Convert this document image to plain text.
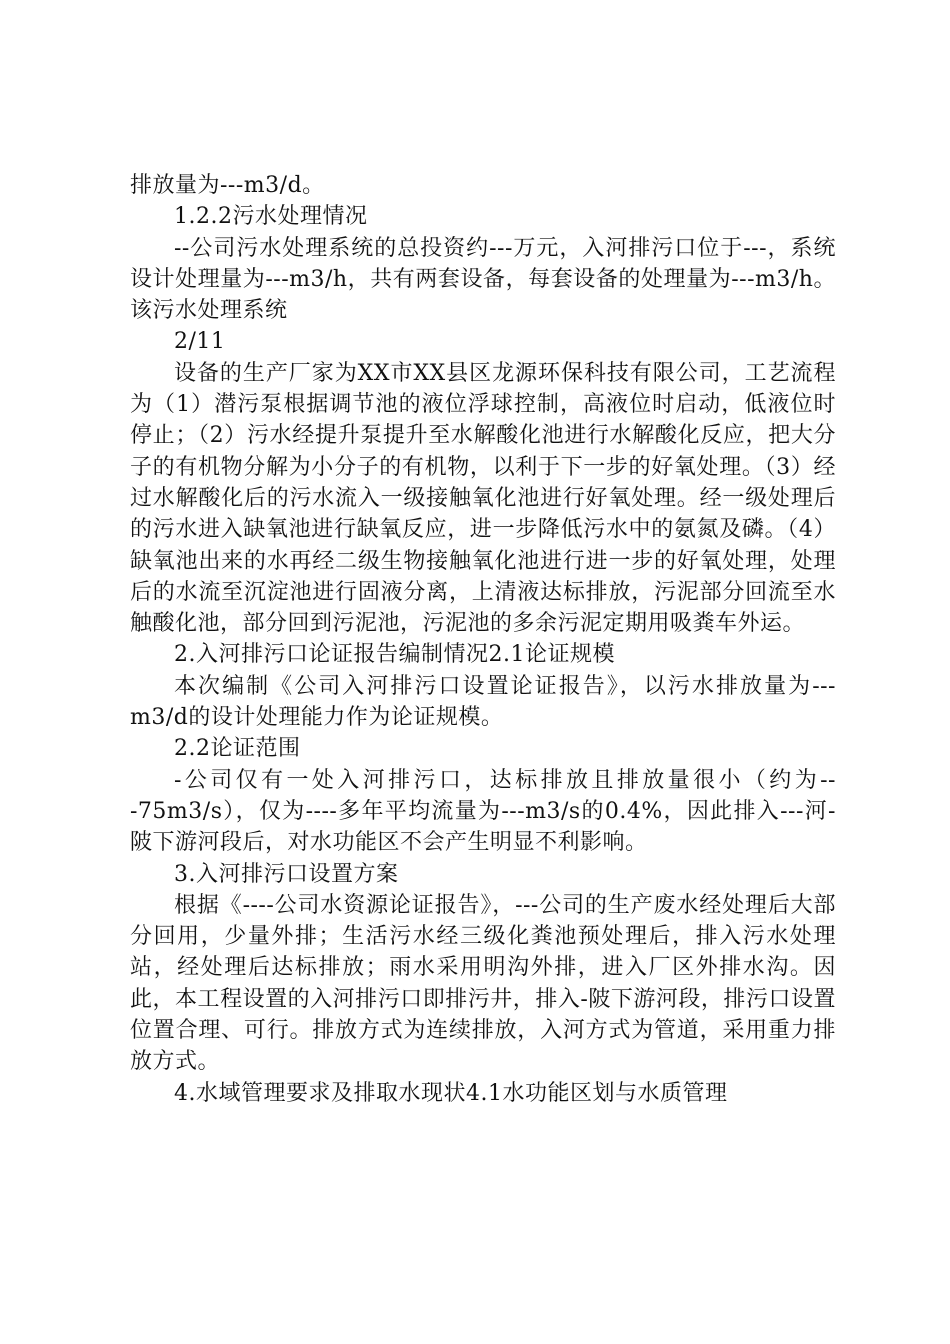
排放量为---m3/d。

1.2.2污水处理情况

--公司污水处理系统的总投资约---万元，入河排污口位于---，系统设计处理量为---m3/h，共有两套设备，每套设备的处理量为---m3/h。该污水处理系统

2/11

设备的生产厂家为XX市XX县区龙源环保科技有限公司，工艺流程为（1）潜污泵根据调节池的液位浮球控制，高液位时启动，低液位时停止；（2）污水经提升泵提升至水解酸化池进行水解酸化反应，把大分子的有机物分解为小分子的有机物，以利于下一步的好氧处理。（3）经过水解酸化后的污水流入一级接触氧化池进行好氧处理。经一级处理后的污水进入缺氧池进行缺氧反应，进一步降低污水中的氨氮及磷。（4）缺氧池出来的水再经二级生物接触氧化池进行进一步的好氧处理，处理后的水流至沉淀池进行固液分离，上清液达标排放，污泥部分回流至水触酸化池，部分回到污泥池，污泥池的多余污泥定期用吸粪车外运。

2.入河排污口论证报告编制情况2.1论证规模

本次编制《公司入河排污口设置论证报告》，以污水排放量为---m3/d的设计处理能力作为论证规模。

2.2论证范围

-公司仅有一处入河排污口，达标排放且排放量很小（约为---75m3/s），仅为----多年平均流量为---m3/s的0.4%，因此排入---河-陂下游河段后，对水功能区不会产生明显不利影响。

3.入河排污口设置方案

根据《----公司水资源论证报告》，---公司的生产废水经处理后大部分回用，少量外排；生活污水经三级化粪池预处理后，排入污水处理站，经处理后达标排放；雨水采用明沟外排，进入厂区外排水沟。因此，本工程设置的入河排污口即排污井，排入-陂下游河段，排污口设置位置合理、可行。排放方式为连续排放，入河方式为管道，采用重力排放方式。

4.水域管理要求及排取水现状4.1水功能区划与水质管理
